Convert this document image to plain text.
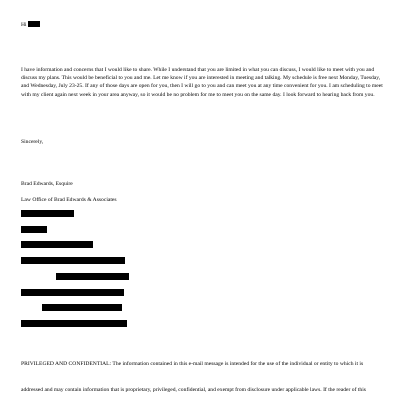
Hi
I have information and concerns that I would like to share. While I understand that you are limited in what you can discuss, I would like to meet with you and discuss my plans. This would be beneficial to you and me. Let me know if you are interested in meeting and talking. My schedule is free next Monday, Tuesday, and Wednesday, July 23-25. If any of those days are open for you, then I will go to you and can meet you at any time convenient for you. I am scheduling to meet with my client again next week in your area anyway, so it would be no problem for me to meet you on the same day. I look forward to hearing back from you.
Sincerely,
Brad Edwards, Esquire
Law Office of Brad Edwards & Associates
PRIVILEGED AND CONFIDENTIAL: The information contained in this e-mail message is intended for the use of the individual or entity to which it is
addressed and may contain information that is proprietary, privileged, confidential, and exempt from disclosure under applicable laws. If the reader of this
